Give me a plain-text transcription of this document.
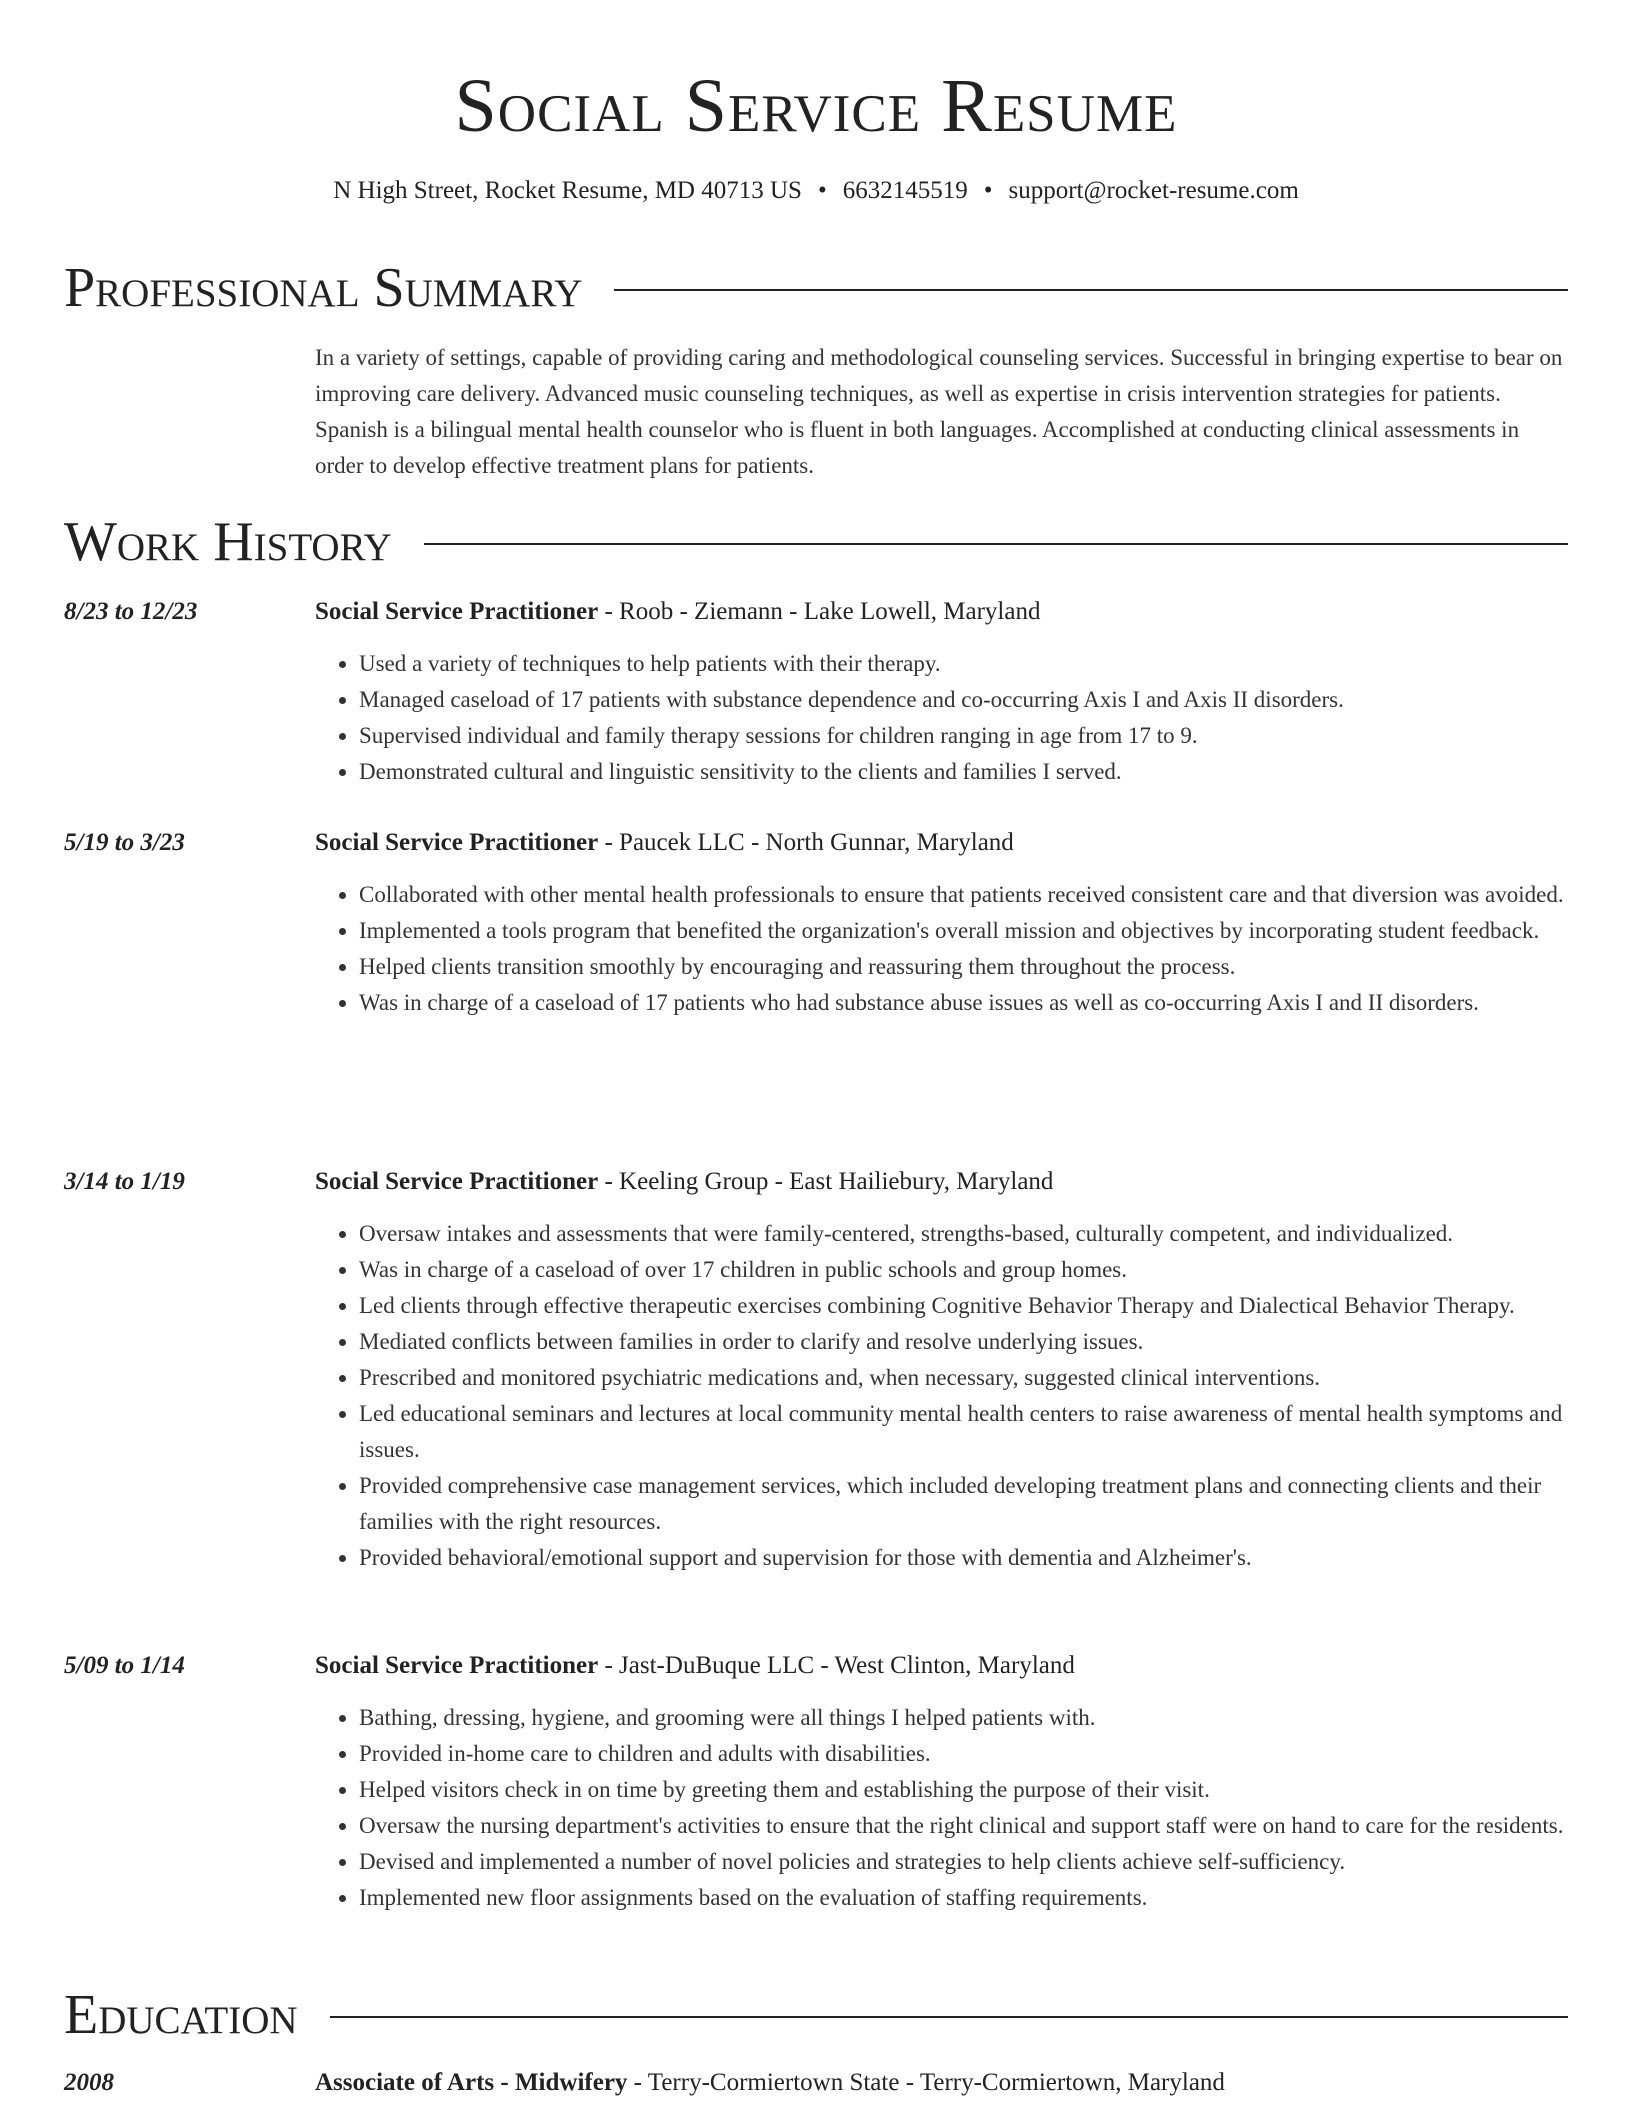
Social Service Resume
N High Street, Rocket Resume, MD 40713 US • 6632145519 • support@rocket-resume.com
Professional Summary

In a variety of settings, capable of providing caring and methodological counseling services. Successful in bringing expertise to bear on improving care delivery. Advanced music counseling techniques, as well as expertise in crisis intervention strategies for patients. Spanish is a bilingual mental health counselor who is fluent in both languages. Accomplished at conducting clinical assessments in order to develop effective treatment plans for patients.

Work History
8/23 to 12/23	Social Service Practitioner - Roob - Ziemann - Lake Lowell, Maryland
• Used a variety of techniques to help patients with their therapy.
• Managed caseload of 17 patients with substance dependence and co-occurring Axis I and Axis II disorders.
• Supervised individual and family therapy sessions for children ranging in age from 17 to 9.
• Demonstrated cultural and linguistic sensitivity to the clients and families I served.
5/19 to 3/23	Social Service Practitioner - Paucek LLC - North Gunnar, Maryland
• Collaborated with other mental health professionals to ensure that patients received consistent care and that diversion was avoided.
• Implemented a tools program that benefited the organization's overall mission and objectives by incorporating student feedback.
• Helped clients transition smoothly by encouraging and reassuring them throughout the process.
• Was in charge of a caseload of 17 patients who had substance abuse issues as well as co-occurring Axis I and II disorders.
3/14 to 1/19	Social Service Practitioner - Keeling Group - East Hailiebury, Maryland
• Oversaw intakes and assessments that were family-centered, strengths-based, culturally competent, and individualized.
• Was in charge of a caseload of over 17 children in public schools and group homes.
• Led clients through effective therapeutic exercises combining Cognitive Behavior Therapy and Dialectical Behavior Therapy.
• Mediated conflicts between families in order to clarify and resolve underlying issues.
• Prescribed and monitored psychiatric medications and, when necessary, suggested clinical interventions.
• Led educational seminars and lectures at local community mental health centers to raise awareness of mental health symptoms and issues.
• Provided comprehensive case management services, which included developing treatment plans and connecting clients and their families with the right resources.
• Provided behavioral/emotional support and supervision for those with dementia and Alzheimer's.
5/09 to 1/14	Social Service Practitioner - Jast-DuBuque LLC - West Clinton, Maryland
• Bathing, dressing, hygiene, and grooming were all things I helped patients with.
• Provided in-home care to children and adults with disabilities.
• Helped visitors check in on time by greeting them and establishing the purpose of their visit.
• Oversaw the nursing department's activities to ensure that the right clinical and support staff were on hand to care for the residents.
• Devised and implemented a number of novel policies and strategies to help clients achieve self-sufficiency.
• Implemented new floor assignments based on the evaluation of staffing requirements.
Education
2008	Associate of Arts - Midwifery - Terry-Cormiertown State - Terry-Cormiertown, Maryland
